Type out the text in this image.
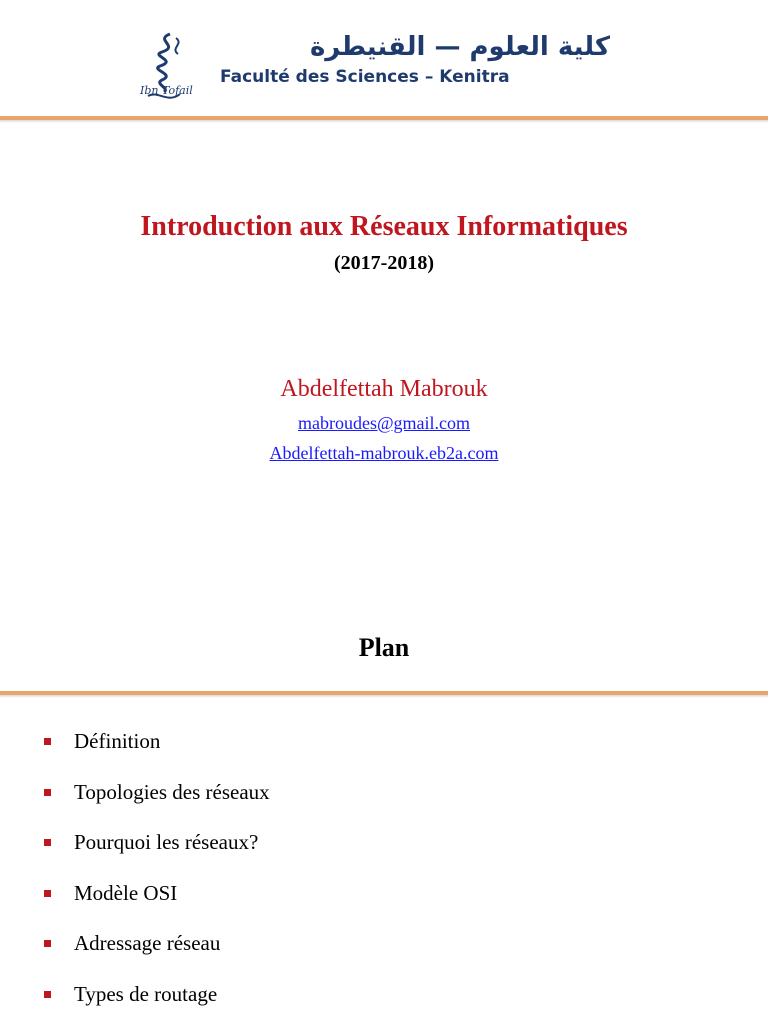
كلية العلوم — القنيطرة
Faculté des Sciences – Kenitra
Ibn Tofail
Introduction aux Réseaux Informatiques
(2017-2018)
Abdelfettah Mabrouk
mabroudes@gmail.com
Abdelfettah-mabrouk.eb2a.com
Plan
Définition
Topologies des réseaux
Pourquoi les réseaux?
Modèle OSI
Adressage réseau
Types de routage
